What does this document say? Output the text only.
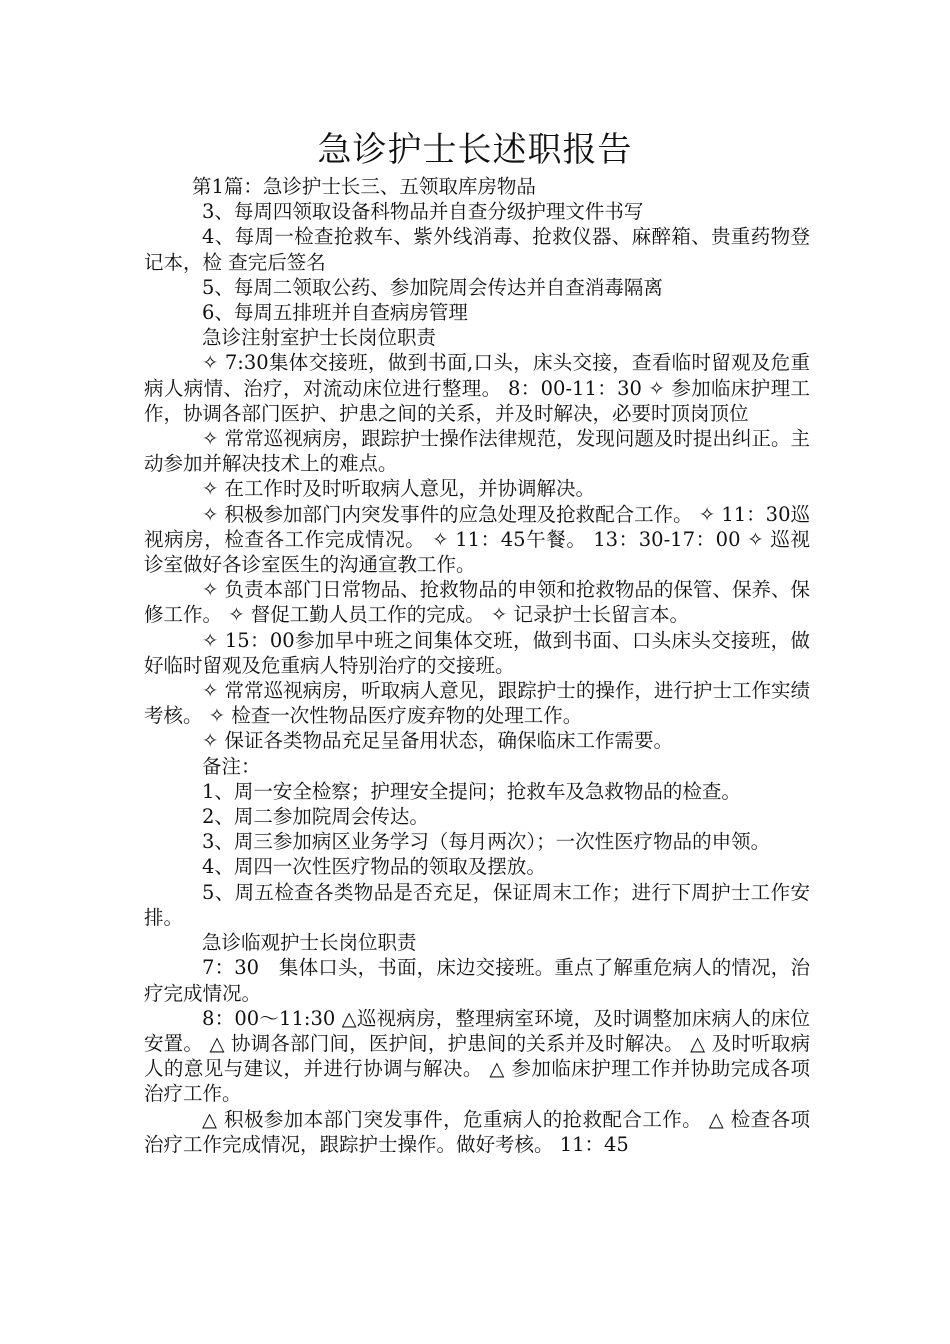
急诊护士长述职报告

第1篇：急诊护士长三、五领取库房物品

3、每周四领取设备科物品并自查分级护理文件书写

4、每周一检查抢救车、紫外线消毒、抢救仪器、麻醉箱、贵重药物登记本，检 查完后签名

5、每周二领取公药、参加院周会传达并自查消毒隔离

6、每周五排班并自查病房管理

急诊注射室护士长岗位职责

✧ 7:30集体交接班，做到书面,口头，床头交接，查看临时留观及危重病人病情、治疗，对流动床位进行整理。 8：00-11：30 ✧ 参加临床护理工作，协调各部门医护、护患之间的关系，并及时解决，必要时顶岗顶位

✧ 常常巡视病房，跟踪护士操作法律规范，发现问题及时提出纠正。主动参加并解决技术上的难点。

✧ 在工作时及时听取病人意见，并协调解决。

✧ 积极参加部门内突发事件的应急处理及抢救配合工作。 ✧ 11：30巡视病房，检查各工作完成情况。 ✧ 11：45午餐。 13：30-17：00 ✧ 巡视诊室做好各诊室医生的沟通宣教工作。

✧ 负责本部门日常物品、抢救物品的申领和抢救物品的保管、保养、保修工作。 ✧ 督促工勤人员工作的完成。 ✧ 记录护士长留言本。

✧ 15：00参加早中班之间集体交班，做到书面、口头床头交接班，做好临时留观及危重病人特别治疗的交接班。

✧ 常常巡视病房，听取病人意见，跟踪护士的操作，进行护士工作实绩考核。 ✧ 检查一次性物品医疗废弃物的处理工作。

✧ 保证各类物品充足呈备用状态，确保临床工作需要。

备注：

1、周一安全检察；护理安全提问；抢救车及急救物品的检查。

2、周二参加院周会传达。

3、周三参加病区业务学习（每月两次）；一次性医疗物品的申领。

4、周四一次性医疗物品的领取及摆放。

5、周五检查各类物品是否充足，保证周末工作；进行下周护士工作安排。

急诊临观护士长岗位职责

7：30　集体口头，书面，床边交接班。重点了解重危病人的情况，治疗完成情况。

8：00～11:30 △巡视病房，整理病室环境，及时调整加床病人的床位安置。 △ 协调各部门间，医护间，护患间的关系并及时解决。 △ 及时听取病人的意见与建议，并进行协调与解决。 △ 参加临床护理工作并协助完成各项治疗工作。

△ 积极参加本部门突发事件，危重病人的抢救配合工作。 △ 检查各项治疗工作完成情况，跟踪护士操作。做好考核。 11：45
